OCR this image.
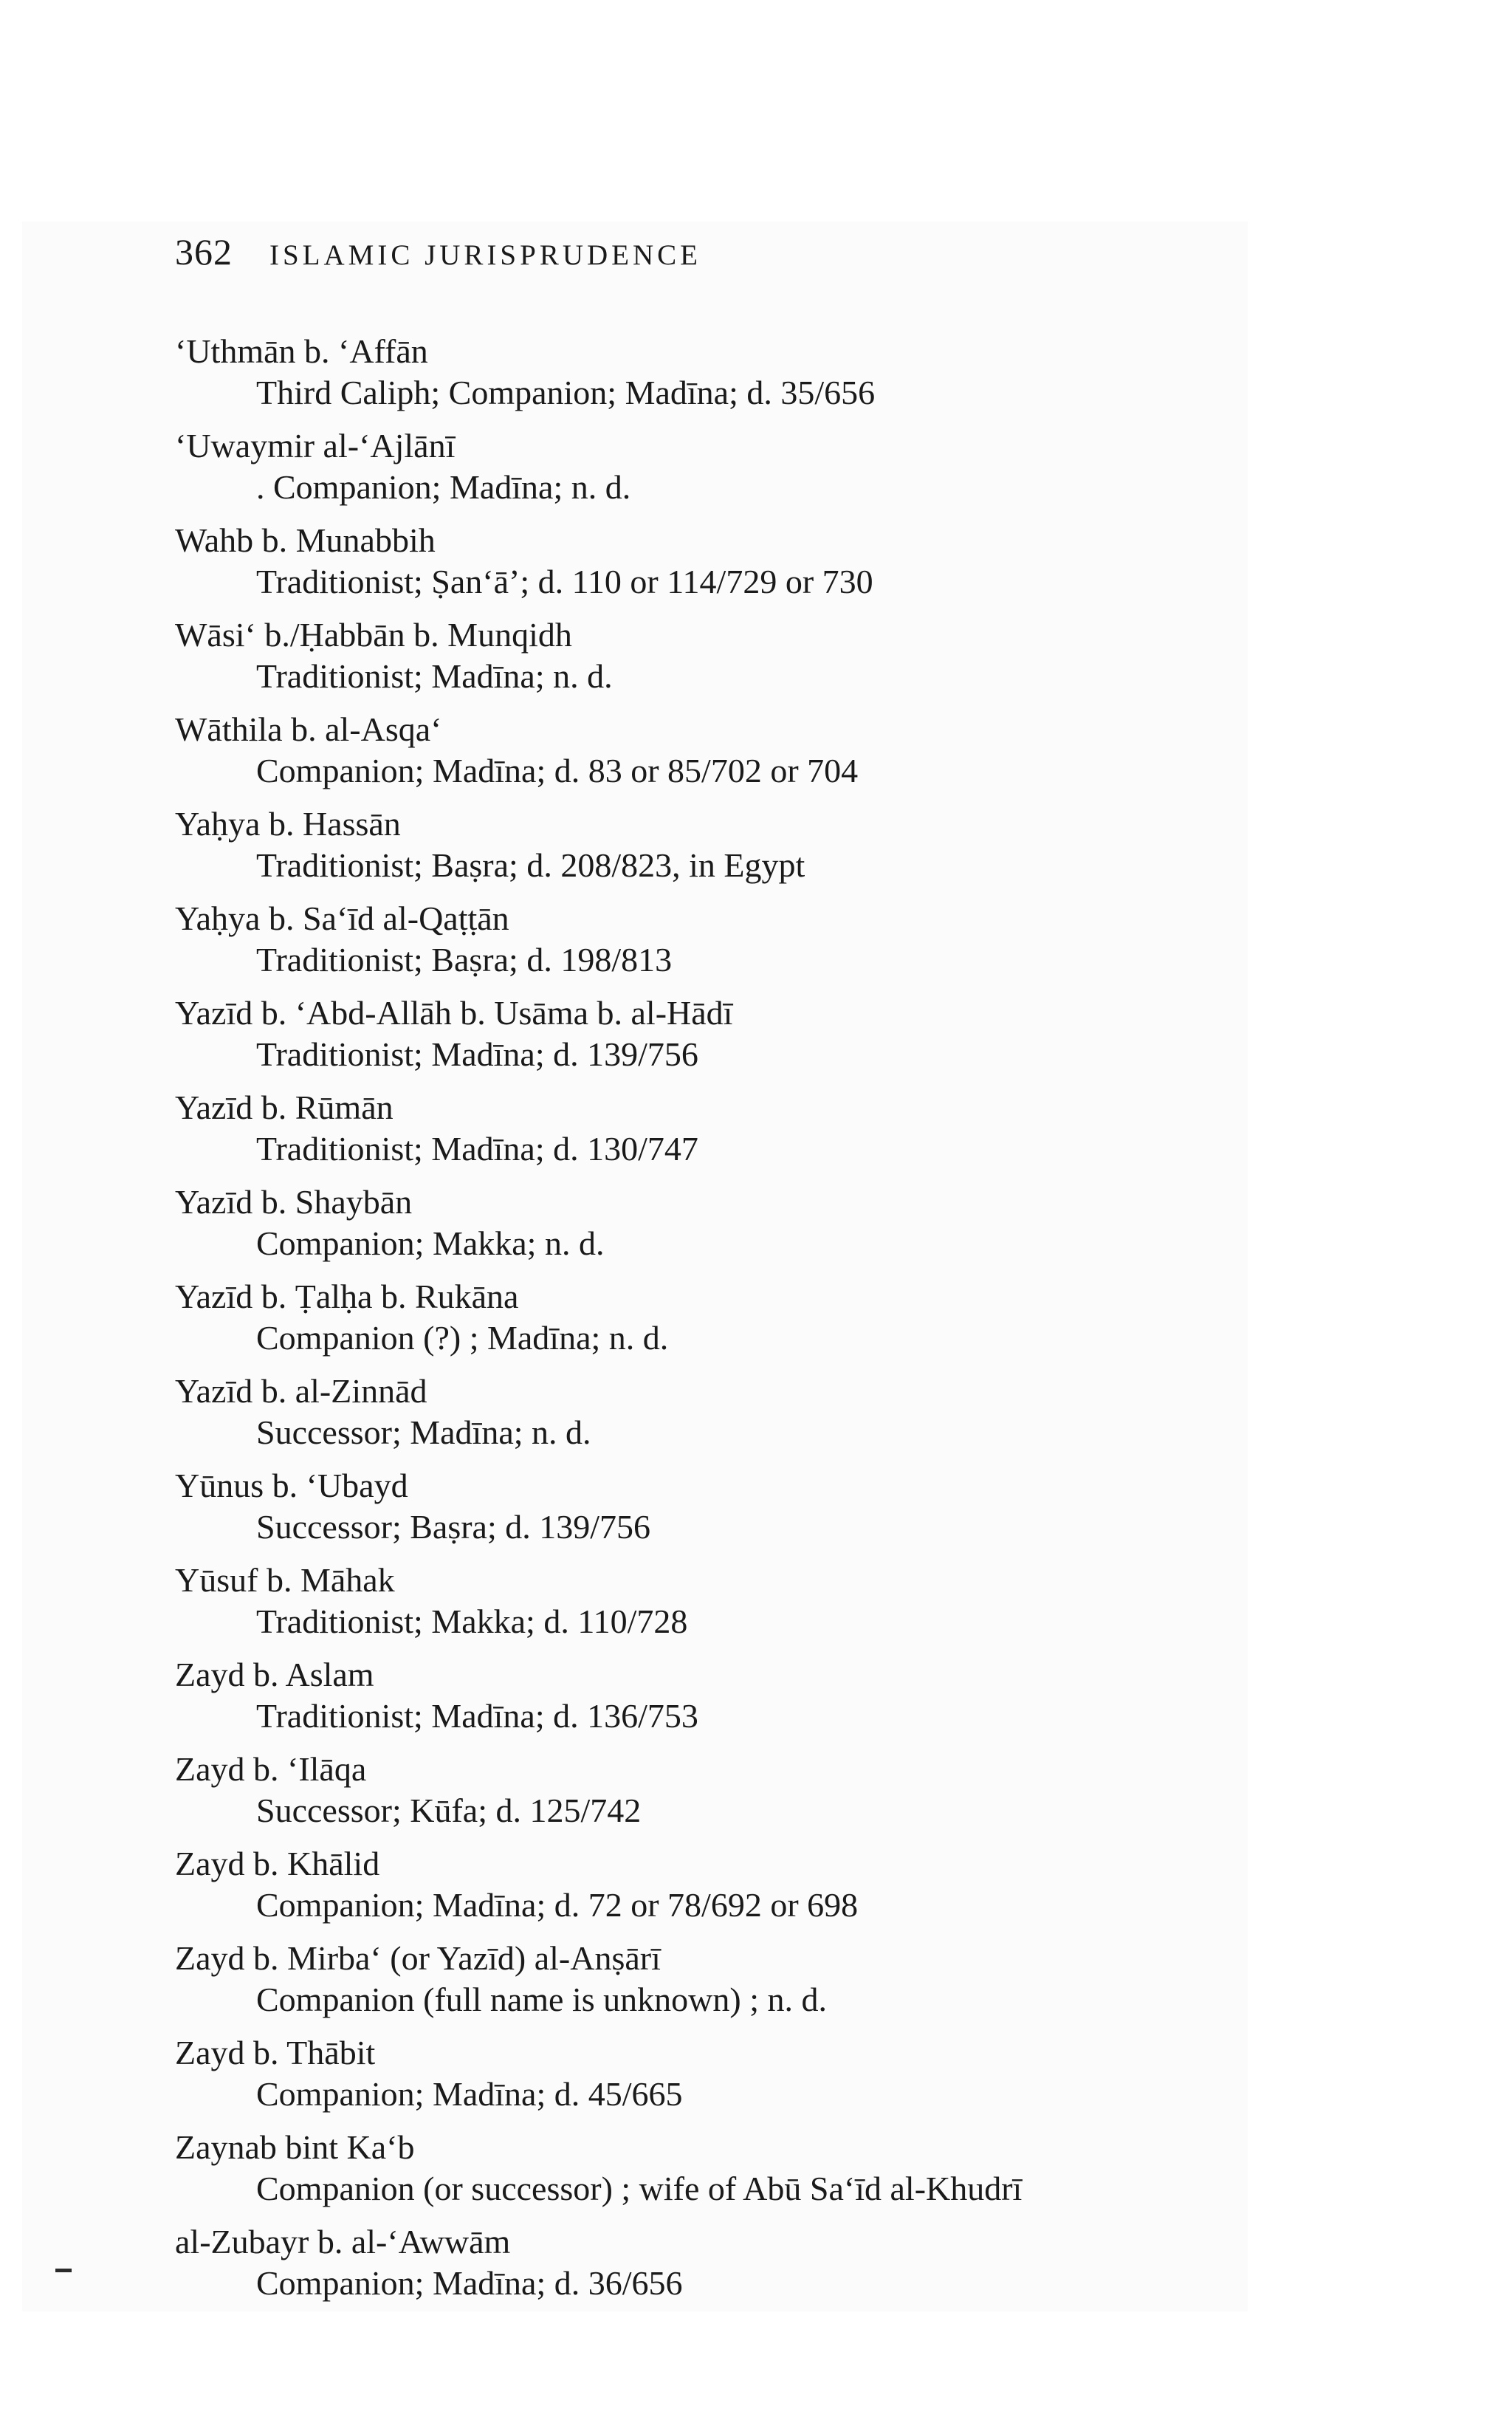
362 ISLAMIC JURISPRUDENCE
ʻUthmān b. ʻAffān
Third Caliph; Companion; Madīna; d. 35/656
ʻUwaymir al-ʻAjlānī
. Companion; Madīna; n. d.
Wahb b. Munabbih
Traditionist; Ṣanʻāʼ; d. 110 or 114/729 or 730
Wāsiʻ b./Ḥabbān b. Munqidh
Traditionist; Madīna; n. d.
Wāthila b. al-Asqaʻ
Companion; Madīna; d. 83 or 85/702 or 704
Yaḥya b. Hassān
Traditionist; Baṣra; d. 208/823, in Egypt
Yaḥya b. Saʻīd al-Qaṭṭān
Traditionist; Baṣra; d. 198/813
Yazīd b. ʻAbd-Allāh b. Usāma b. al-Hādī
Traditionist; Madīna; d. 139/756
Yazīd b. Rūmān
Traditionist; Madīna; d. 130/747
Yazīd b. Shaybān
Companion; Makka; n. d.
Yazīd b. Ṭalḥa b. Rukāna
Companion (?) ; Madīna; n. d.
Yazīd b. al-Zinnād
Successor; Madīna; n. d.
Yūnus b. ʻUbayd
Successor; Baṣra; d. 139/756
Yūsuf b. Māhak
Traditionist; Makka; d. 110/728
Zayd b. Aslam
Traditionist; Madīna; d. 136/753
Zayd b. ʻIlāqa
Successor; Kūfa; d. 125/742
Zayd b. Khālid
Companion; Madīna; d. 72 or 78/692 or 698
Zayd b. Mirbaʻ (or Yazīd) al-Anṣārī
Companion (full name is unknown) ; n. d.
Zayd b. Thābit
Companion; Madīna; d. 45/665
Zaynab bint Kaʻb
Companion (or successor) ; wife of Abū Saʻīd al-Khudrī
al-Zubayr b. al-ʻAwwām
Companion; Madīna; d. 36/656
